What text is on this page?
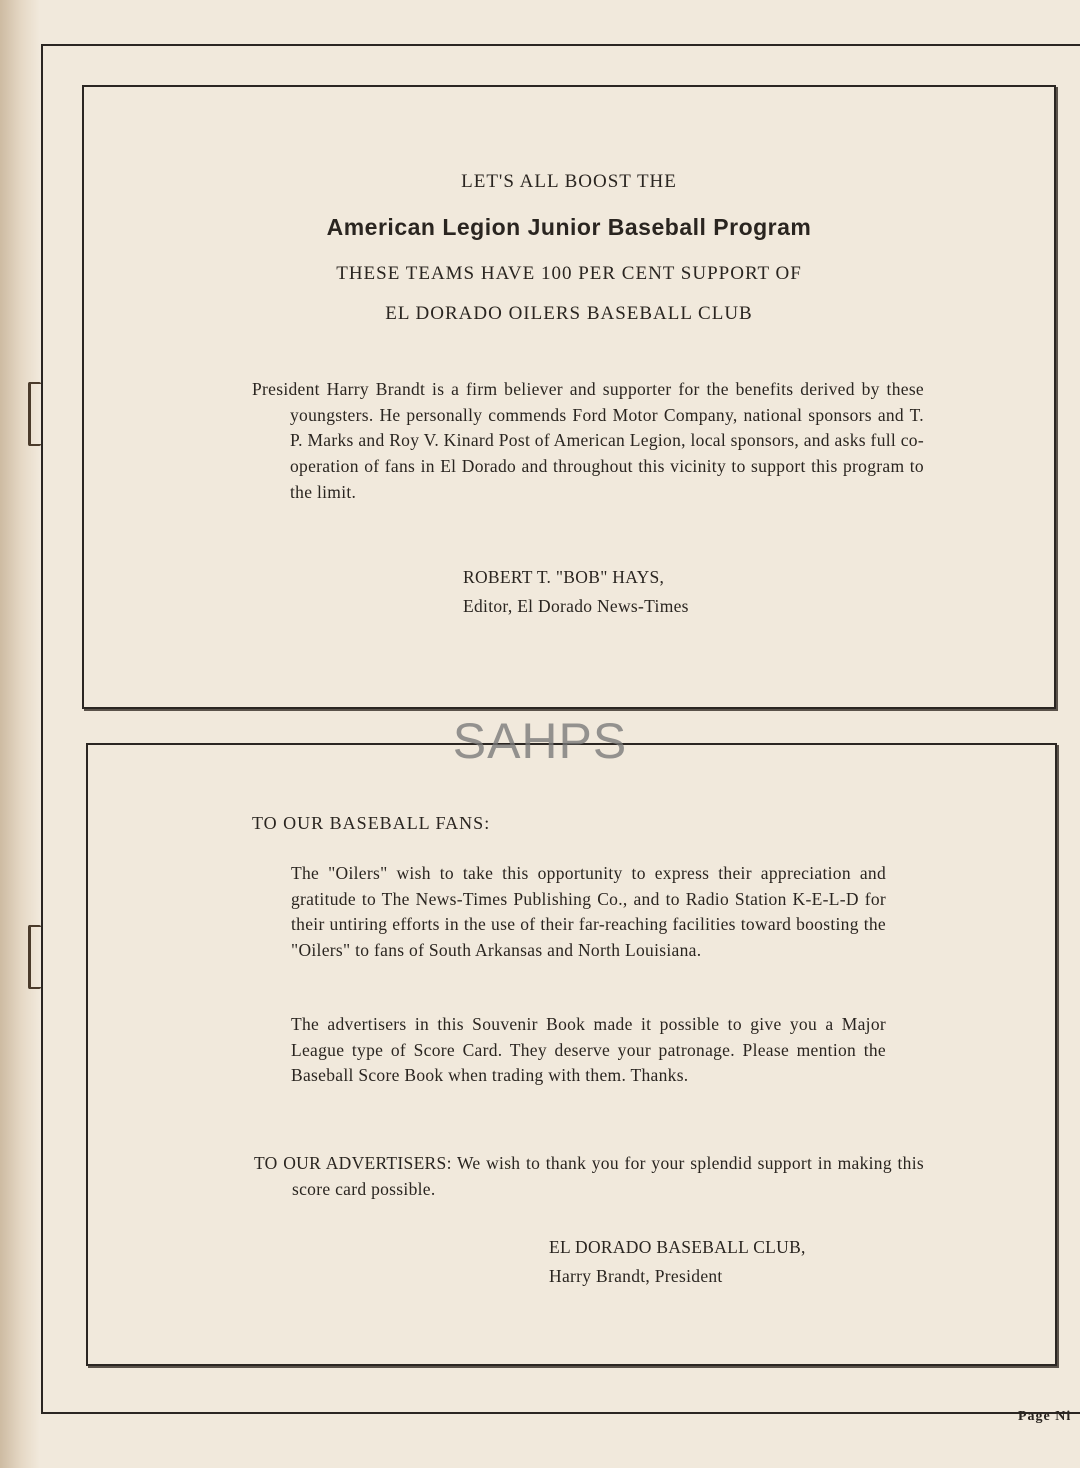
LET'S ALL BOOST THE

American Legion Junior Baseball Program

THESE TEAMS HAVE 100 PER CENT SUPPORT OF

EL DORADO OILERS BASEBALL CLUB

President Harry Brandt is a firm believer and supporter for the benefits derived by these youngsters. He personally commends Ford Motor Company, national sponsors and T. P. Marks and Roy V. Kinard Post of American Legion, local sponsors, and asks full co-operation of fans in El Dorado and throughout this vicinity to support this program to the limit.

ROBERT T. "BOB" HAYS,

Editor, El Dorado News-Times

TO OUR BASEBALL FANS:

The "Oilers" wish to take this opportunity to express their appreciation and gratitude to The News-Times Publishing Co., and to Radio Station K-E-L-D for their untiring efforts in the use of their far-reaching facilities toward boosting the "Oilers" to fans of South Arkansas and North Louisiana.

The advertisers in this Souvenir Book made it possible to give you a Major League type of Score Card. They deserve your patronage. Please mention the Baseball Score Book when trading with them. Thanks.

TO OUR ADVERTISERS: We wish to thank you for your splendid support in making this score card possible.

EL DORADO BASEBALL CLUB,

Harry Brandt, President

SAHPS
Page Ni
